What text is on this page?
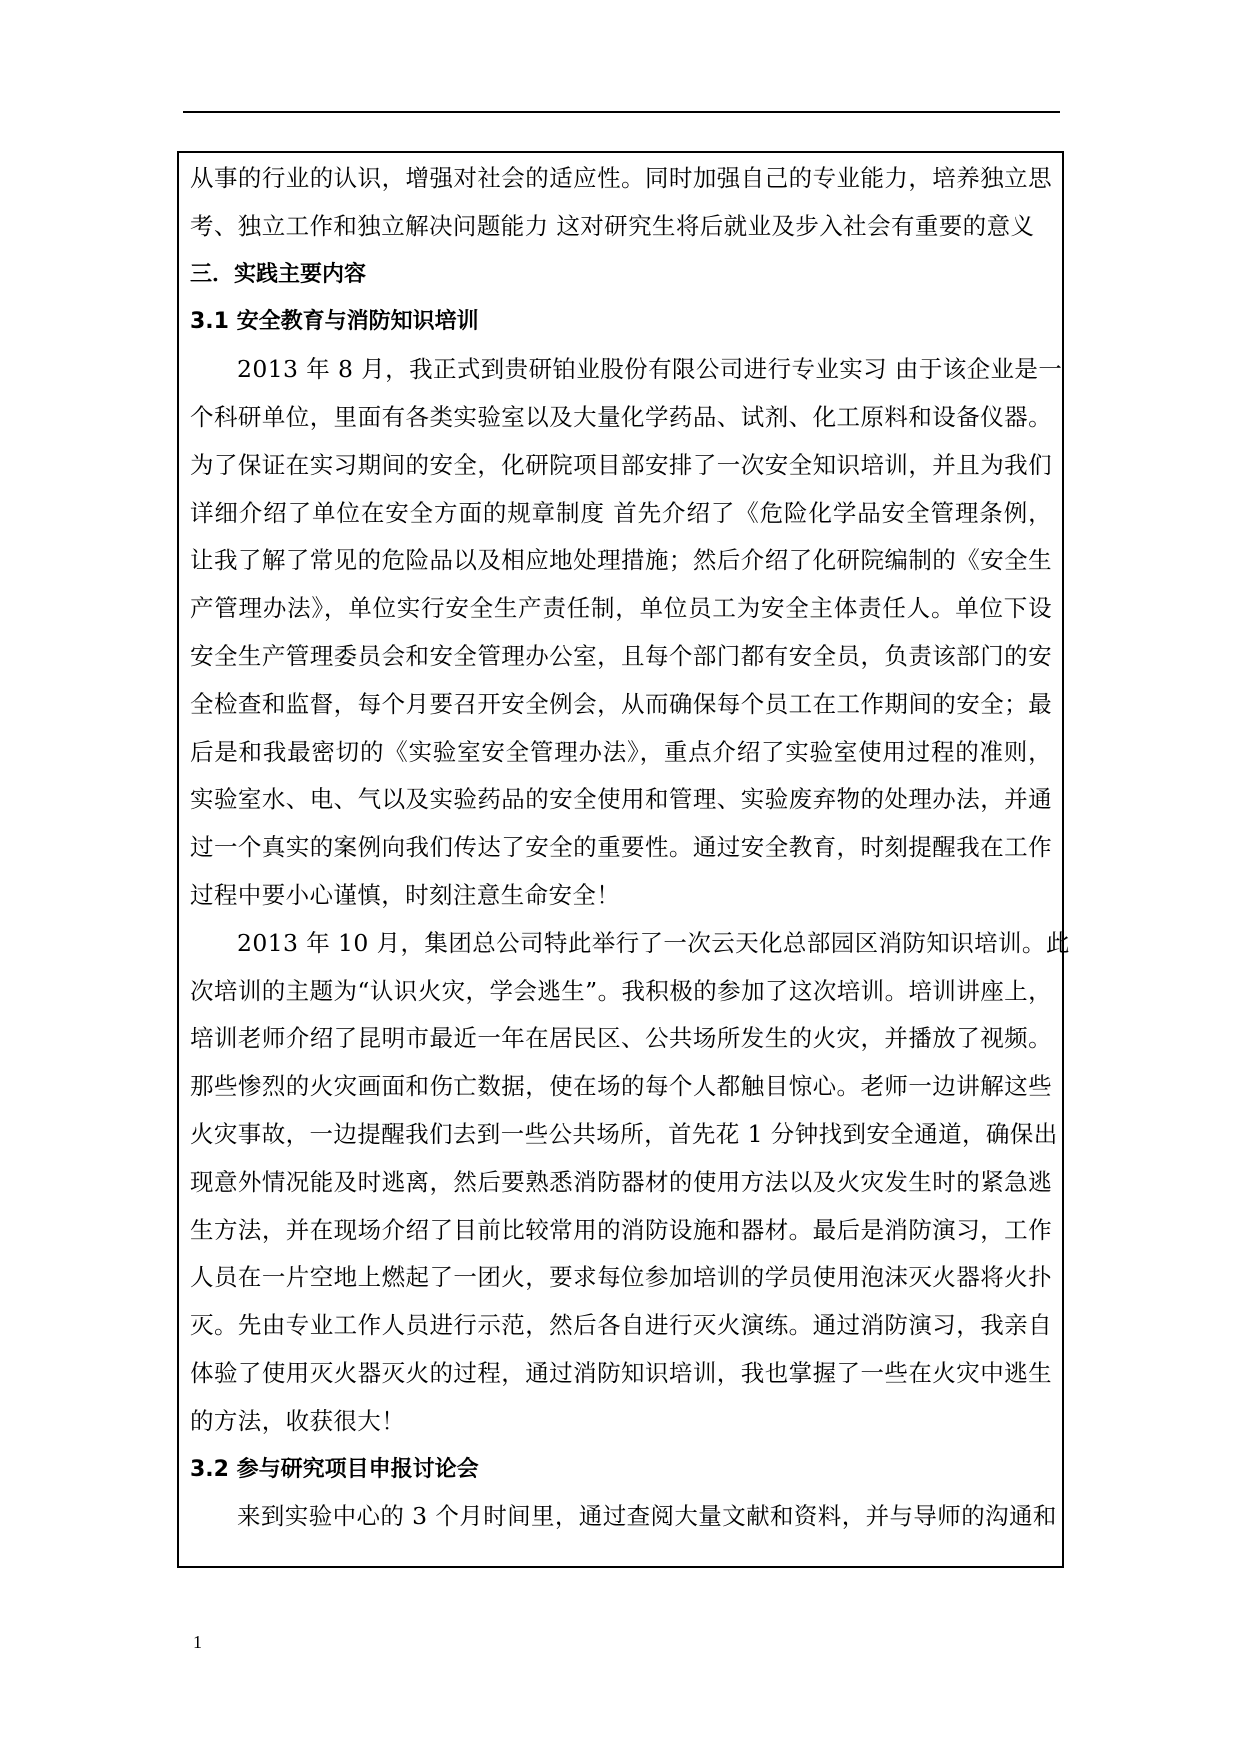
从事的行业的认识，增强对社会的适应性。同时加强自己的专业能力，培养独立思
考、独立工作和独立解决问题能力 这对研究生将后就业及步入社会有重要的意义
三．实践主要内容
3.1 安全教育与消防知识培训
2013 年 8 月，我正式到贵研铂业股份有限公司进行专业实习 由于该企业是一
个科研单位，里面有各类实验室以及大量化学药品、试剂、化工原料和设备仪器。
为了保证在实习期间的安全，化研院项目部安排了一次安全知识培训，并且为我们
详细介绍了单位在安全方面的规章制度 首先介绍了《危险化学品安全管理条例，
让我了解了常见的危险品以及相应地处理措施；然后介绍了化研院编制的《安全生
产管理办法》，单位实行安全生产责任制，单位员工为安全主体责任人。单位下设
安全生产管理委员会和安全管理办公室，且每个部门都有安全员，负责该部门的安
全检查和监督，每个月要召开安全例会，从而确保每个员工在工作期间的安全；最
后是和我最密切的《实验室安全管理办法》，重点介绍了实验室使用过程的准则，
实验室水、电、气以及实验药品的安全使用和管理、实验废弃物的处理办法，并通
过一个真实的案例向我们传达了安全的重要性。通过安全教育，时刻提醒我在工作
过程中要小心谨慎，时刻注意生命安全！
2013 年 10 月，集团总公司特此举行了一次云天化总部园区消防知识培训。此
次培训的主题为“认识火灾，学会逃生”。我积极的参加了这次培训。培训讲座上，
培训老师介绍了昆明市最近一年在居民区、公共场所发生的火灾，并播放了视频。
那些惨烈的火灾画面和伤亡数据，使在场的每个人都触目惊心。老师一边讲解这些
火灾事故，一边提醒我们去到一些公共场所，首先花 1 分钟找到安全通道，确保出
现意外情况能及时逃离，然后要熟悉消防器材的使用方法以及火灾发生时的紧急逃
生方法，并在现场介绍了目前比较常用的消防设施和器材。最后是消防演习，工作
人员在一片空地上燃起了一团火，要求每位参加培训的学员使用泡沫灭火器将火扑
灭。先由专业工作人员进行示范，然后各自进行灭火演练。通过消防演习，我亲自
体验了使用灭火器灭火的过程，通过消防知识培训，我也掌握了一些在火灾中逃生
的方法，收获很大！
3.2 参与研究项目申报讨论会
来到实验中心的 3 个月时间里，通过查阅大量文献和资料，并与导师的沟通和
1
